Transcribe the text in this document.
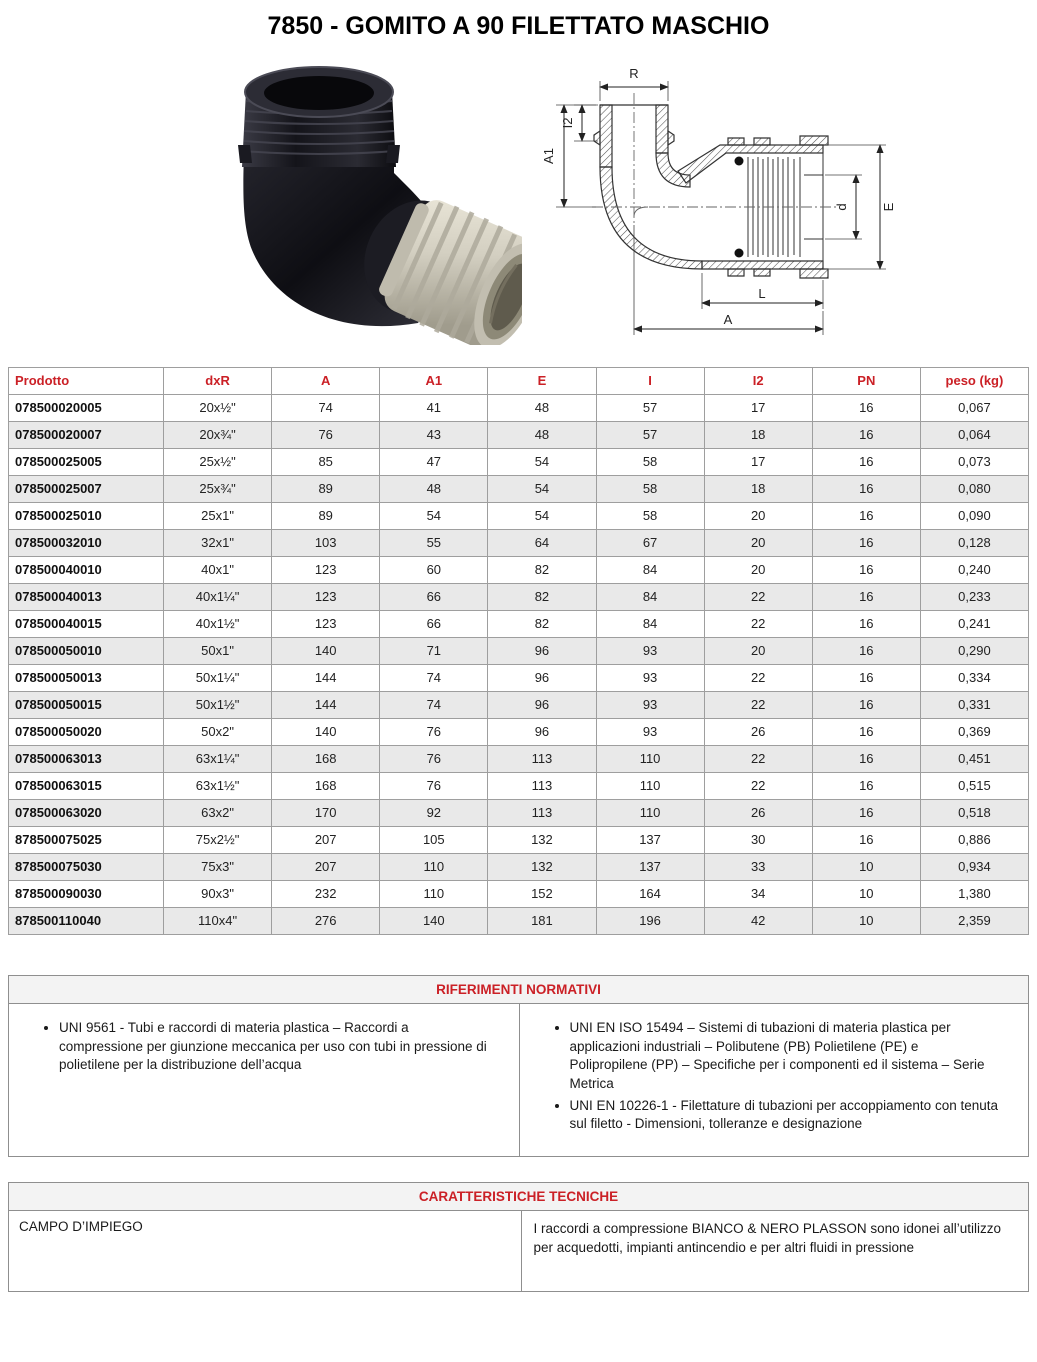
7850 - GOMITO A 90 FILETTATO MASCHIO
R
I2
A1
d E
L
A
Prodotto	dxR	A	A1	E	I	I2	PN	peso (kg)
078500020005	20x½"	74	41	48	57	17	16	0,067
078500020007	20x¾"	76	43	48	57	18	16	0,064
078500025005	25x½"	85	47	54	58	17	16	0,073
078500025007	25x¾"	89	48	54	58	18	16	0,080
078500025010	25x1"	89	54	54	58	20	16	0,090
078500032010	32x1"	103	55	64	67	20	16	0,128
078500040010	40x1"	123	60	82	84	20	16	0,240
078500040013	40x1¼"	123	66	82	84	22	16	0,233
078500040015	40x1½"	123	66	82	84	22	16	0,241
078500050010	50x1"	140	71	96	93	20	16	0,290
078500050013	50x1¼"	144	74	96	93	22	16	0,334
078500050015	50x1½"	144	74	96	93	22	16	0,331
078500050020	50x2"	140	76	96	93	26	16	0,369
078500063013	63x1¼"	168	76	113	110	22	16	0,451
078500063015	63x1½"	168	76	113	110	22	16	0,515
078500063020	63x2"	170	92	113	110	26	16	0,518
878500075025	75x2½"	207	105	132	137	30	16	0,886
878500075030	75x3"	207	110	132	137	33	10	0,934
878500090030	90x3"	232	110	152	164	34	10	1,380
878500110040	110x4"	276	140	181	196	42	10	2,359
RIFERIMENTI NORMATIVI
• UNI 9561 - Tubi e raccordi di materia plastica – Raccordi a compressione per giunzione meccanica per uso con tubi in pressione di polietilene per la distribuzione dell’acqua
• UNI EN ISO 15494 – Sistemi di tubazioni di materia plastica per applicazioni industriali – Polibutene (PB) Polietilene (PE) e Polipropilene (PP) – Specifiche per i componenti ed il sistema – Serie Metrica
• UNI EN 10226-1 - Filettature di tubazioni per accoppiamento con tenuta sul filetto - Dimensioni, tolleranze e designazione
CARATTERISTICHE TECNICHE
CAMPO D’IMPIEGO	I raccordi a compressione BIANCO & NERO PLASSON sono idonei all’utilizzo per acquedotti, impianti antincendio e per altri fluidi in pressione
